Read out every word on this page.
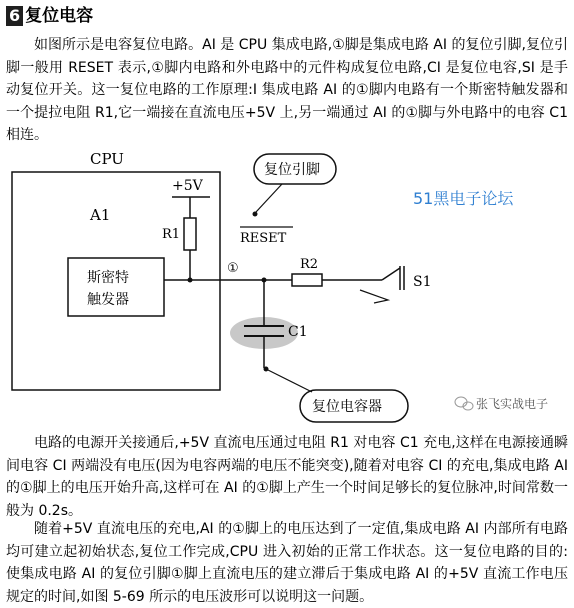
6 复位电容

如图所示是电容复位电路。AI 是 CPU 集成电路,①脚是集成电路 AI 的复位引脚,复位引脚一般用 RESET 表示,①脚内电路和外电路中的元件构成复位电路,CI 是复位电容,SI 是手动复位开关。这一复位电路的工作原理:I 集成电路 AI 的①脚内电路有一个斯密特触发器和一个提拉电阻 R1,它一端接在直流电压+5V 上,另一端通过 AI 的①脚与外电路中的电容 C1 相连。

CPU
A1
+5V
R1
斯密特
触发器
①	R2
S1
C1
复位引脚
RESET
51黑电子论坛
复位电容器	张飞实战电子

电路的电源开关接通后,+5V 直流电压通过电阻 R1 对电容 C1 充电,这样在电源接通瞬间电容 CI 两端没有电压(因为电容两端的电压不能突变),随着对电容 CI 的充电,集成电路 AI 的①脚上的电压开始升高,这样可在 AI 的①脚上产生一个时间足够长的复位脉冲,时间常数一般为 0.2s。

随着+5V 直流电压的充电,AI 的①脚上的电压达到了一定值,集成电路 AI 内部所有电路均可建立起初始状态,复位工作完成,CPU 进入初始的正常工作状态。这一复位电路的目的:使集成电路 AI 的复位引脚①脚上直流电压的建立滞后于集成电路 AI 的+5V 直流工作电压规定的时间,如图 5-69 所示的电压波形可以说明这一问题。
